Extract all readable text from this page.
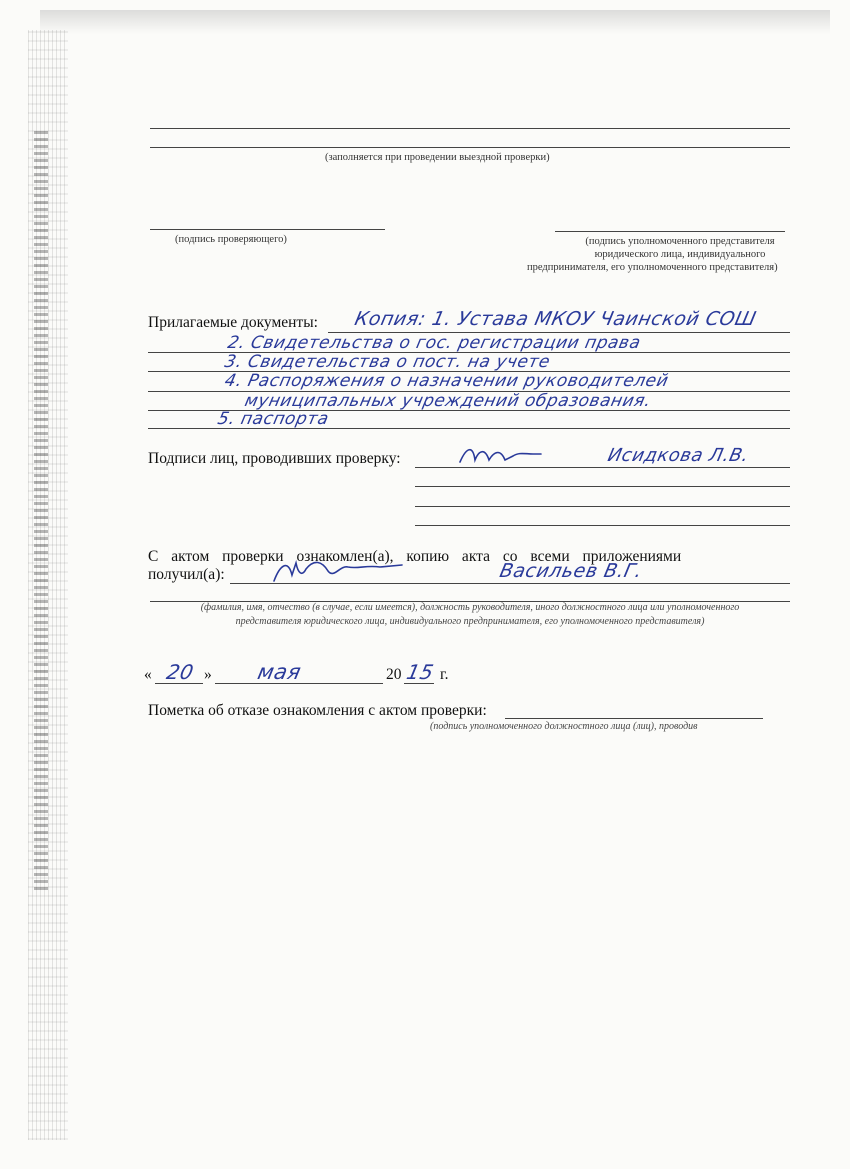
(заполняется при проведении выездной проверки)
(подпись проверяющего)	(подпись уполномоченного представителя
юридического лица, индивидуального
предпринимателя, его уполномоченного представителя)
Прилагаемые документы: Копия: 1. Устава МКОУ Чаинской СОШ
2. Свидетельства о гос. регистрации права
3. Свидетельства о пост. на учете
4. Распоряжения о назначении руководителей
муниципальных учреждений образования.
5. паспорта
Подписи лиц, проводивших проверку:	Исидкова Л.В.
С актом проверки ознакомлен(а), копию акта со всеми приложениями
получил(а):	Васильев В.Г.
(фамилия, имя, отчество (в случае, если имеется), должность руководителя, иного должностного лица или уполномоченного
представителя юридического лица, индивидуального предпринимателя, его уполномоченного представителя)
« 20 » мая	20 15 г.
Пометка об отказе ознакомления с актом проверки:
(подпись уполномоченного должностного лица (лиц), проводив
